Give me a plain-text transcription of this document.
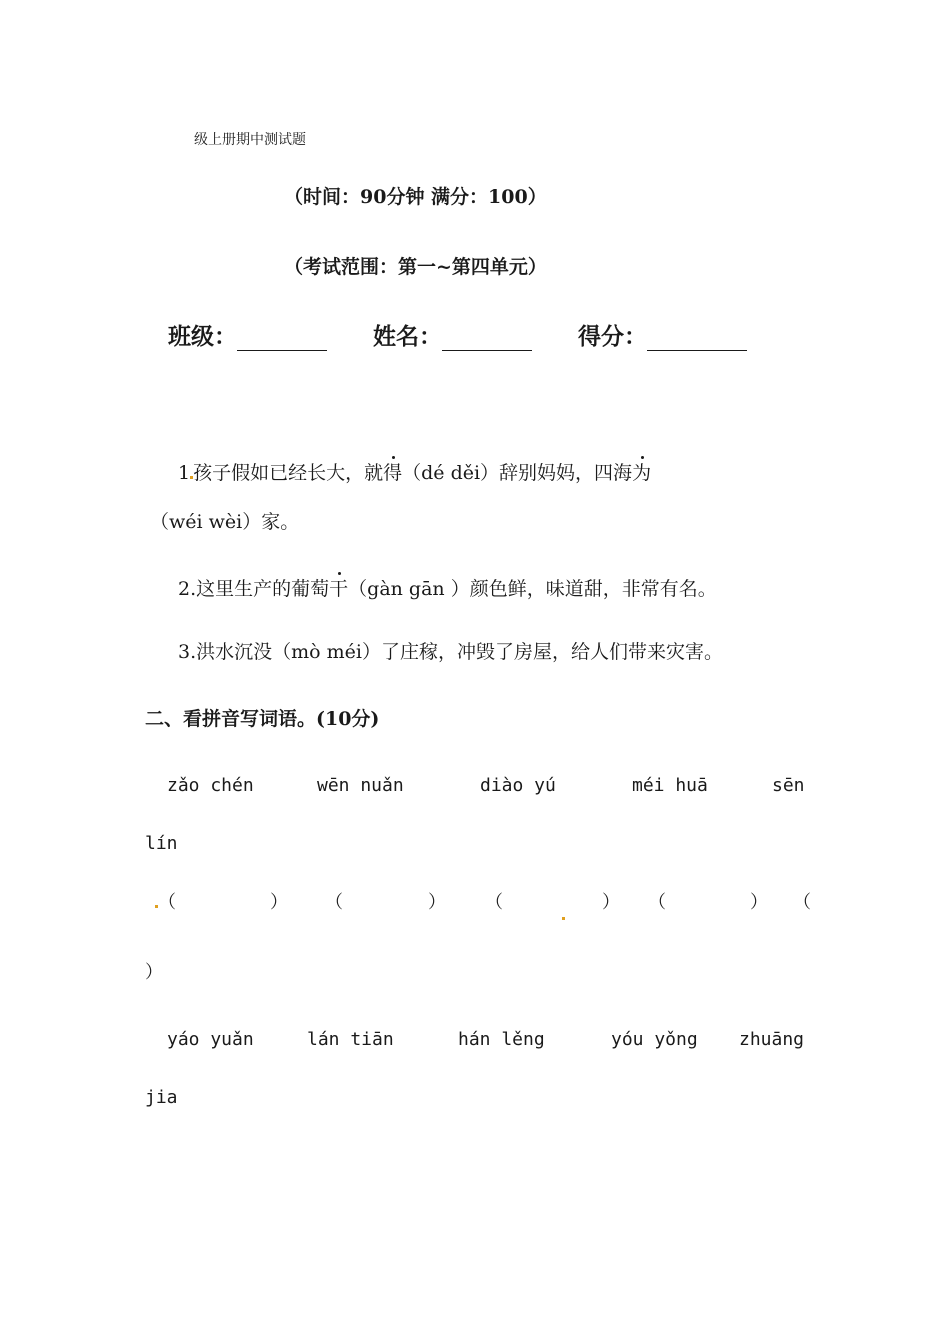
级上册期中测试题
（时间：90分钟 满分：100）
（考试范围：第一~第四单元）
班级：	姓名：	得分：
1 孩子假如已经长大，就得（dé děi）辞别妈妈，四海为
（wéi wèi）家。
2.这里生产的葡萄干（gàn gān ）颜色鲜，味道甜，非常有名。
3.洪水沉没（mò méi）了庄稼，冲毁了房屋，给人们带来灾害。
二、看拼音写词语。(10分)
zǎo chén	wēn nuǎn	diào yú	méi huā	sēn
lín
（	） （	） （	） （	） （
）
yáo yuǎn	lán tiān	hán lěng	yóu yǒng zhuāng
jia
